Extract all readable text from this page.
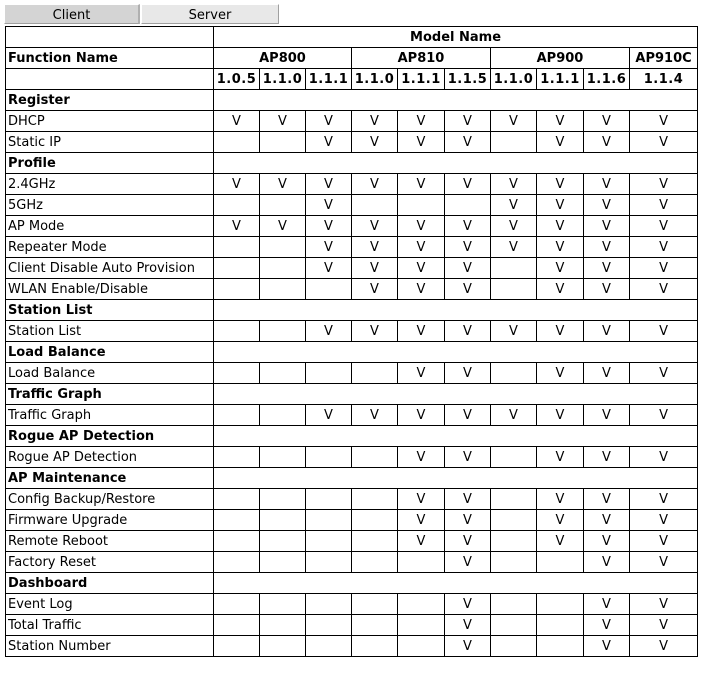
Client	Server
	Model Name									
Function Name	AP800			AP810			AP900			AP910C
	1.0.5	1.1.0	1.1.1	1.1.0	1.1.1	1.1.5	1.1.0	1.1.1	1.1.6	1.1.4
Register										
DHCP	V	V	V	V	V	V	V	V	V	V
Static IP			V	V	V	V		V	V	V
Profile										
2.4GHz	V	V	V	V	V	V	V	V	V	V
5GHz			V				V	V	V	V
AP Mode	V	V	V	V	V	V	V	V	V	V
Repeater Mode			V	V	V	V	V	V	V	V
Client Disable Auto Provision			V	V	V	V		V	V	V
WLAN Enable/Disable				V	V	V		V	V	V
Station List										
Station List			V	V	V	V	V	V	V	V
Load Balance										
Load Balance					V	V		V	V	V
Traffic Graph										
Traffic Graph			V	V	V	V	V	V	V	V
Rogue AP Detection										
Rogue AP Detection					V	V		V	V	V
AP Maintenance										
Config Backup/Restore					V	V		V	V	V
Firmware Upgrade					V	V		V	V	V
Remote Reboot					V	V		V	V	V
Factory Reset						V			V	V
Dashboard										
Event Log						V			V	V
Total Traffic						V			V	V
Station Number						V			V	V
